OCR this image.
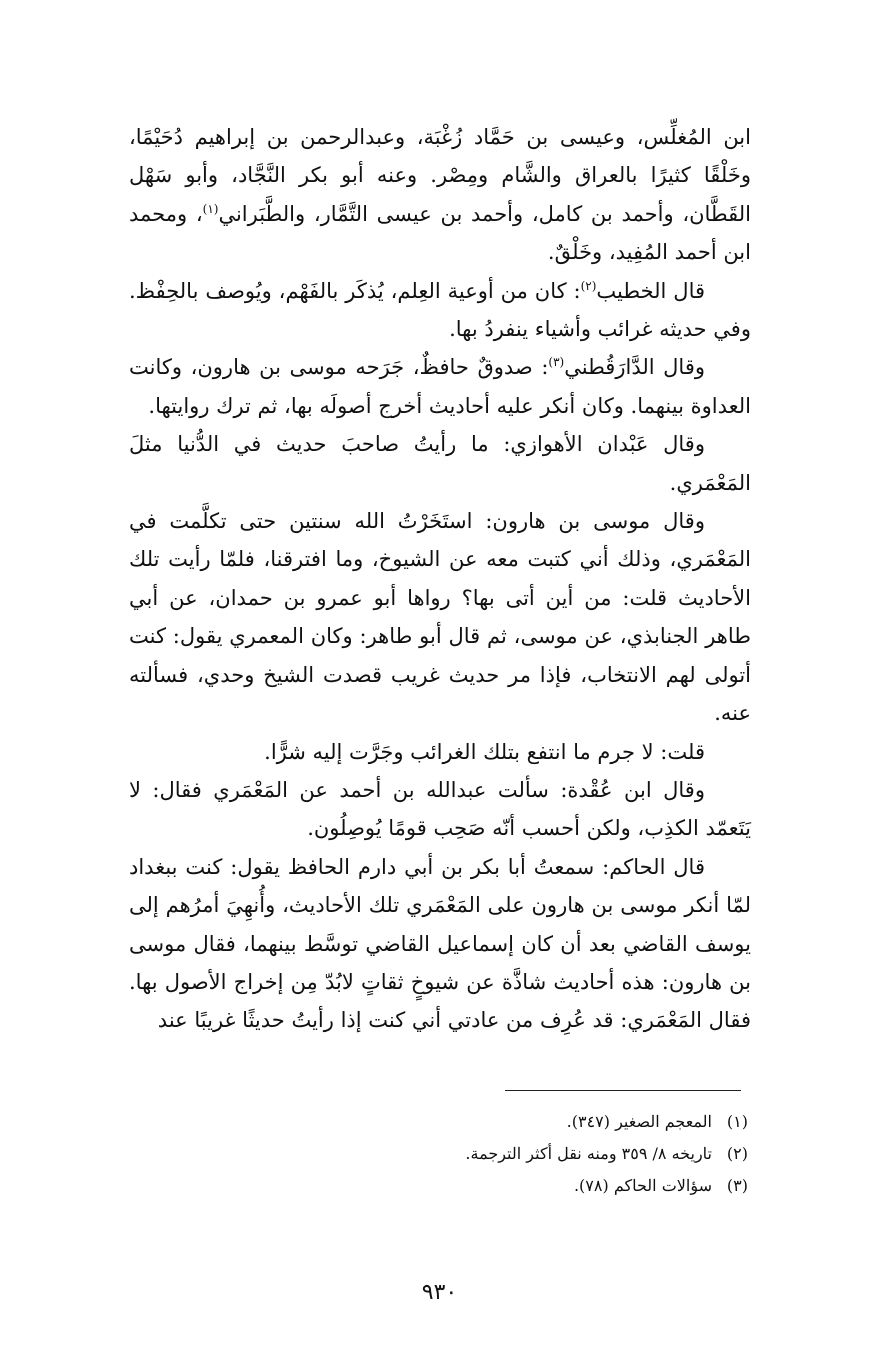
ابن المُغلِّس، وعيسى بن حَمَّاد زُغْبَة، وعبدالرحمن بن إبراهيم دُحَيْمًا، وخَلْقًا كثيرًا بالعراق والشَّام ومِصْر. وعنه أبو بكر النَّجَّاد، وأبو سَهْل القَطَّان، وأحمد بن كامل، وأحمد بن عيسى التَّمَّار، والطَّبَراني$^{(١)}$، ومحمد ابن أحمد المُفِيد، وخَلْقٌ.

قال الخطيب$^{(٢)}$: كان من أوعية العِلم، يُذكَر بالفَهْم، ويُوصف بالحِفْظ. وفي حديثه غرائب وأشياء ينفردُ بها.

وقال الدَّارَقُطني$^{(٣)}$: صدوقٌ حافظٌ، جَرَحه موسى بن هارون، وكانت العداوة بينهما. وكان أنكر عليه أحاديث أخرج أصولَه بها، ثم ترك روايتها.

وقال عَبْدان الأهوازي: ما رأيتُ صاحبَ حديث في الدُّنيا مثلَ المَعْمَري.

وقال موسى بن هارون: استَخَرْتُ الله سنتين حتى تكلَّمت في المَعْمَري، وذلك أني كتبت معه عن الشيوخ، وما افترقنا، فلمّا رأيت تلك الأحاديث قلت: من أين أتى بها؟ رواها أبو عمرو بن حمدان، عن أبي طاهر الجنابذي، عن موسى، ثم قال أبو طاهر: وكان المعمري يقول: كنت أتولى لهم الانتخاب، فإذا مر حديث غريب قصدت الشيخ وحدي، فسألته عنه.

قلت: لا جرم ما انتفع بتلك الغرائب وجَرَّت إليه شرًّا.

وقال ابن عُقْدة: سألت عبدالله بن أحمد عن المَعْمَري فقال: لا يَتَعمّد الكذِب، ولكن أحسب أنّه صَحِب قومًا يُوصِلُون.

قال الحاكم: سمعتُ أبا بكر بن أبي دارم الحافظ يقول: كنت ببغداد لمّا أنكر موسى بن هارون على المَعْمَري تلك الأحاديث، وأُنهِيَ أمرُهم إلى يوسف القاضي بعد أن كان إسماعيل القاضي توسَّط بينهما، فقال موسى بن هارون: هذه أحاديث شاذَّة عن شيوخٍ ثقاتٍ لابُدّ مِن إخراج الأصول بها. فقال المَعْمَري: قد عُرِف من عادتي أني كنت إذا رأيتُ حديثًا غريبًا عند

(١)المعجم الصغير (٣٤٧).

(٢)تاريخه ٨/ ٣٥٩ ومنه نقل أكثر الترجمة.

(٣)سؤالات الحاكم (٧٨).

٩٣٠
